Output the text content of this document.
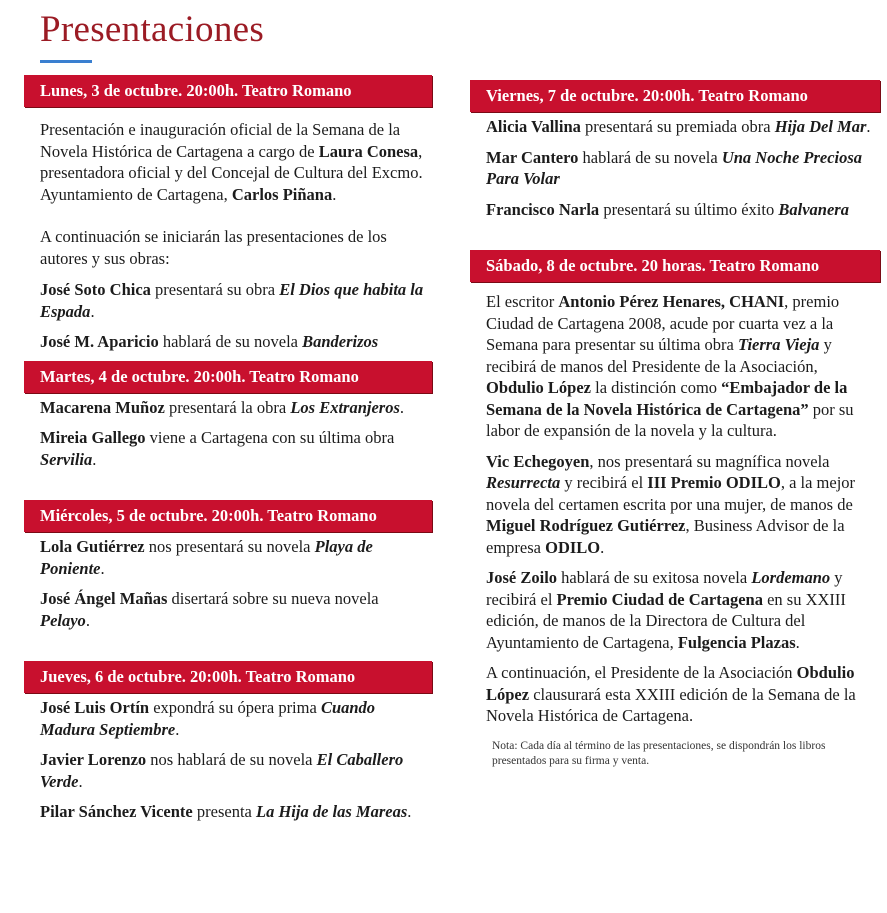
Presentaciones
Lunes, 3 de octubre. 20:00h. Teatro Romano

Presentación e inauguración oficial de la Semana de la Novela Histórica de Cartagena a cargo de Laura Conesa, presentadora oficial y del Concejal de Cultura del Excmo. Ayuntamiento de Cartagena, Carlos Piñana.

A continuación se iniciarán las presentaciones de los autores y sus obras:

José Soto Chica presentará su obra El Dios que habita la Espada.

José M. Aparicio hablará de su novela Banderizos

Martes, 4 de octubre. 20:00h. Teatro Romano

Macarena Muñoz presentará la obra Los Extranjeros.

Mireia Gallego viene a Cartagena con su última obra Servilia.

Miércoles, 5 de octubre. 20:00h. Teatro Romano

Lola Gutiérrez nos presentará su novela Playa de Poniente.

José Ángel Mañas disertará sobre su nueva novela Pelayo.

Jueves, 6 de octubre. 20:00h. Teatro Romano

José Luis Ortín expondrá su ópera prima Cuando Madura Septiembre.

Javier Lorenzo nos hablará de su novela El Caballero Verde.

Pilar Sánchez Vicente presenta La Hija de las Mareas.

Viernes, 7 de octubre. 20:00h. Teatro Romano

Alicia Vallina presentará su premiada obra Hija Del Mar.

Mar Cantero hablará de su novela Una Noche Preciosa Para Volar

Francisco Narla presentará su último éxito Balvanera

Sábado, 8 de octubre. 20 horas. Teatro Romano

El escritor Antonio Pérez Henares, CHANI, premio Ciudad de Cartagena 2008, acude por cuarta vez a la Semana para presentar su última obra Tierra Vieja y recibirá de manos del Presidente de la Asociación, Obdulio López la distinción como “Embajador de la Semana de la Novela Histórica de Cartagena” por su labor de expansión de la novela y la cultura.

Vic Echegoyen, nos presentará su magnífica novela Resurrecta y recibirá el III Premio ODILO, a la mejor novela del certamen escrita por una mujer, de manos de Miguel Rodríguez Gutiérrez, Business Advisor de la empresa ODILO.

José Zoilo hablará de su exitosa novela Lordemano y recibirá el Premio Ciudad de Cartagena en su XXIII edición, de manos de la Directora de Cultura del Ayuntamiento de Cartagena, Fulgencia Plazas.

A continuación, el Presidente de la Asociación Obdulio López clausurará esta XXIII edición de la Semana de la Novela Histórica de Cartagena.

Nota: Cada día al término de las presentaciones, se dispondrán los libros presentados para su firma y venta.
